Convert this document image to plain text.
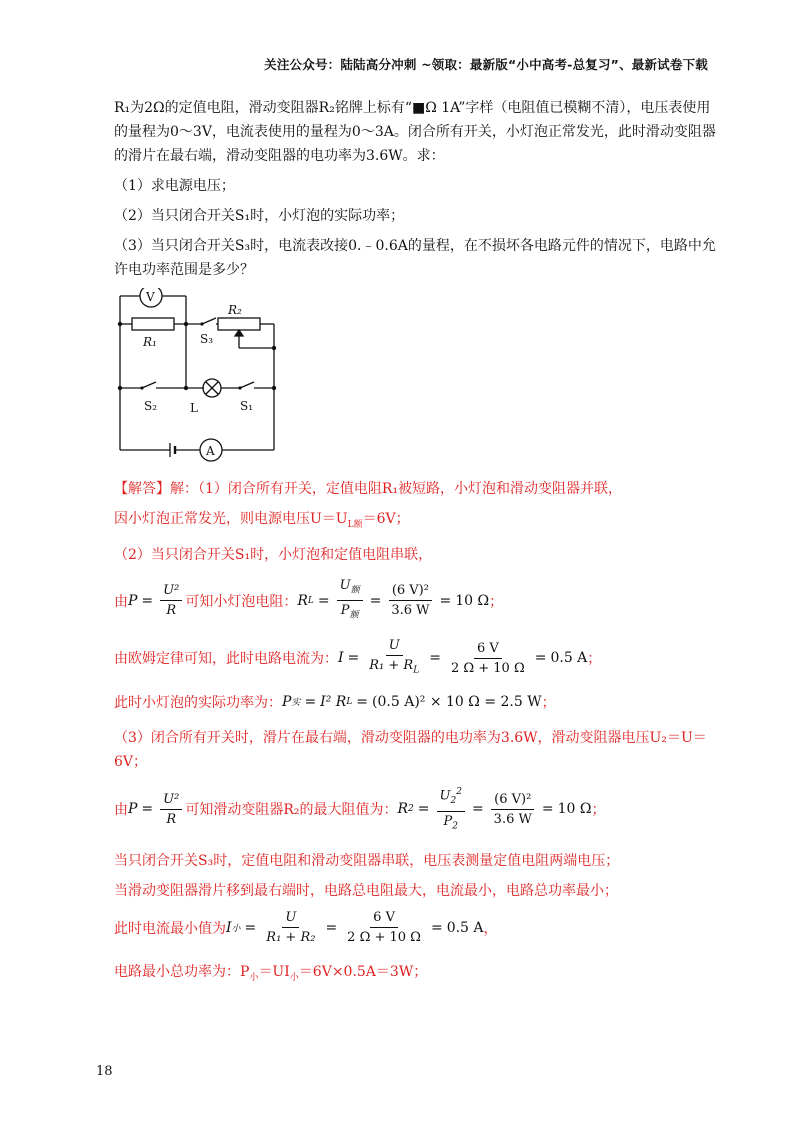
关注公众号：陆陆高分冲刺 ~领取：最新版“小中高考-总复习”、最新试卷下载

R₁为2Ω的定值电阻，滑动变阻器R₂铭牌上标有“■Ω 1A”字样（电阻值已模糊不清），电压表使用的量程为0～3V，电流表使用的量程为0～3A。闭合所有开关，小灯泡正常发光，此时滑动变阻器的滑片在最右端，滑动变阻器的电功率为3.6W。求：

（1）求电源电压；

（2）当只闭合开关S₁时，小灯泡的实际功率；

（3）当只闭合开关S₃时，电流表改接0.﹣0.6A的量程，在不损坏各电路元件的情况下，电路中允许电功率范围是多少？

V
A
R₁
R₂
S₃
S₂	L	S₁

【解答】解：（1）闭合所有开关，定值电阻R₁被短路，小灯泡和滑动变阻器并联，

因小灯泡正常发光，则电源电压$U=U_{L额}=6V$；

（2）当只闭合开关S₁时，小灯泡和定值电阻串联，

由 $P = \frac{\text{U²}}{R}$ 可知小灯泡电阻： R $L = \frac{U_额}{P_额} = \frac{\text{(6 V)²}}{3.6 W} = 10$ Ω ；
由欧姆定律可知，此时电路电流为： $I = \frac{U}{R_1 + R_L} = \frac{6 V}{2 \Omega + 10 \Omega} = 0.5$ A ；
此时小灯泡的实际功率为： P 实 = I² R L = (0.5 A)² × 10 Ω = 2.5 W ；

（3）闭合所有开关时，滑片在最右端，滑动变阻器的电功率为3.6W，滑动变阻器电压U₂＝U＝6V；

由 $P = \frac{\text{U²}}{R}$ 可知滑动变阻器R₂的最大阻值为： R $2 = \frac{U_2^2}{P_2} = \frac{\text{(6 V)²}}{3.6 W} = 10$ Ω ；

当只闭合开关S₃时，定值电阻和滑动变阻器串联，电压表测量定值电阻两端电压；

当滑动变阻器滑片移到最右端时，电路总电阻最大，电流最小，电路总功率最小；

此时电流最小值为 I 小 = $\frac{U}{\text{R₁ + R₂}} = \frac{6 V}{2 \Omega + 10 \Omega} = 0.5$ A ，

电路最小总功率为：$P_小=UI_小=6V\times 0.5A=3W$；

18
